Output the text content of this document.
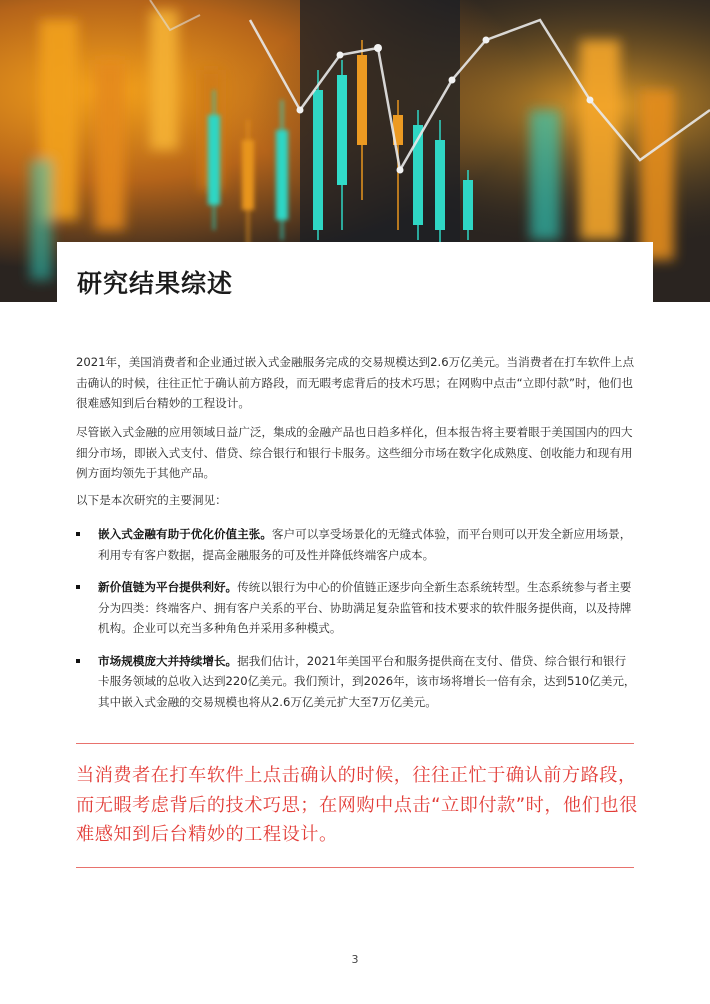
研究结果综述

2021年，美国消费者和企业通过嵌入式金融服务完成的交易规模达到2.6万亿美元。当消费者在打车软件上点击确认的时候，往往正忙于确认前方路段，而无暇考虑背后的技术巧思；在网购中点击“立即付款”时，他们也很难感知到后台精妙的工程设计。

尽管嵌入式金融的应用领域日益广泛，集成的金融产品也日趋多样化，但本报告将主要着眼于美国国内的四大细分市场，即嵌入式支付、借贷、综合银行和银行卡服务。这些细分市场在数字化成熟度、创收能力和现有用例方面均领先于其他产品。

以下是本次研究的主要洞见：

嵌入式金融有助于优化价值主张。客户可以享受场景化的无缝式体验，而平台则可以开发全新应用场景，利用专有客户数据，提高金融服务的可及性并降低终端客户成本。
新价值链为平台提供利好。传统以银行为中心的价值链正逐步向全新生态系统转型。生态系统参与者主要分为四类：终端客户、拥有客户关系的平台、协助满足复杂监管和技术要求的软件服务提供商，以及持牌机构。企业可以充当多种角色并采用多种模式。
市场规模庞大并持续增长。据我们估计，2021年美国平台和服务提供商在支付、借贷、综合银行和银行卡服务领域的总收入达到220亿美元。我们预计，到2026年，该市场将增长一倍有余，达到510亿美元，其中嵌入式金融的交易规模也将从2.6万亿美元扩大至7万亿美元。

当消费者在打车软件上点击确认的时候，往往正忙于确认前方路段，而无暇考虑背后的技术巧思；在网购中点击“立即付款”时，他们也很难感知到后台精妙的工程设计。

3
